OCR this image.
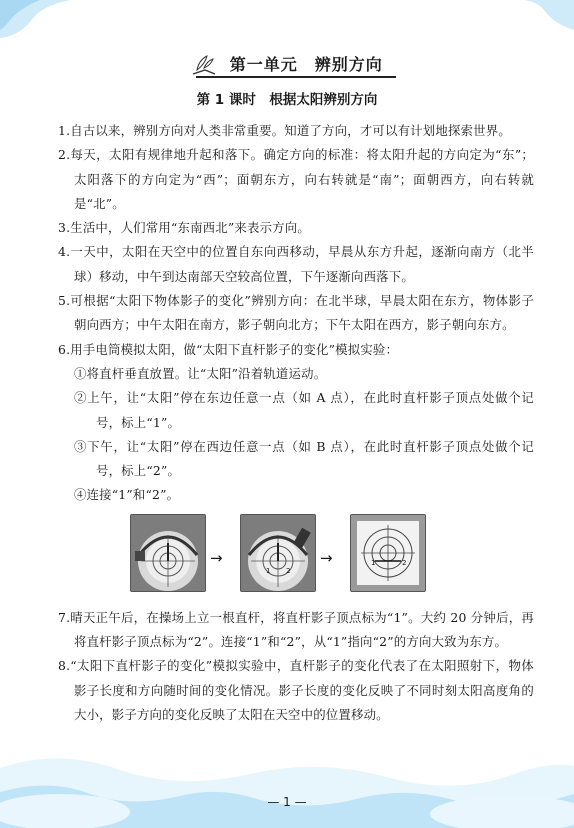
第一单元　辨别方向
第 1 课时　根据太阳辨别方向

1.自古以来，辨别方向对人类非常重要。知道了方向，才可以有计划地探索世界。

2.每天，太阳有规律地升起和落下。确定方向的标准：将太阳升起的方向定为“东”；太阳落下的方向定为“西”；面朝东方，向右转就是“南”；面朝西方，向右转就是“北”。

3.生活中，人们常用“东南西北”来表示方向。

4.一天中，太阳在天空中的位置自东向西移动，早晨从东方升起，逐渐向南方（北半球）移动，中午到达南部天空较高位置，下午逐渐向西落下。

5.可根据“太阳下物体影子的变化”辨别方向：在北半球，早晨太阳在东方，物体影子朝向西方；中午太阳在南方，影子朝向北方；下午太阳在西方，影子朝向东方。

6.用手电筒模拟太阳，做“太阳下直杆影子的变化”模拟实验：

①将直杆垂直放置。让“太阳”沿着轨道运动。

②上午，让“太阳”停在东边任意一点（如 A 点），在此时直杆影子顶点处做个记号，标上“1”。

③下午，让“太阳”停在西边任意一点（如 B 点），在此时直杆影子顶点处做个记号，标上“2”。

④连接“1”和“2”。

→
1 2
→	1	2

7.晴天正午后，在操场上立一根直杆，将直杆影子顶点标为“1”。大约 20 分钟后，再将直杆影子顶点标为“2”。连接“1”和“2”，从“1”指向“2”的方向大致为东方。

8.“太阳下直杆影子的变化”模拟实验中，直杆影子的变化代表了在太阳照射下，物体影子长度和方向随时间的变化情况。影子长度的变化反映了不同时刻太阳高度角的大小，影子方向的变化反映了太阳在天空中的位置移动。

— 1 —
